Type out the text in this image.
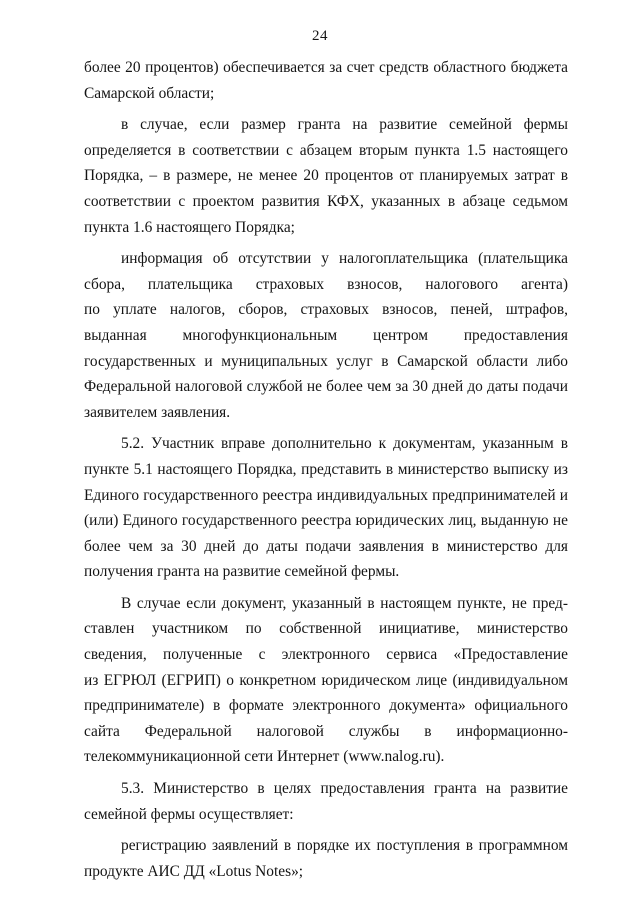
24
более 20 процентов) обеспечивается за счет средств областного бюджета
Самарской области;
в случае, если размер гранта на развитие семейной фермы
определяется в соответствии с абзацем вторым пункта 1.5 настоящего
Порядка, – в размере, не менее 20 процентов от планируемых затрат в
соответствии с проектом развития КФХ, указанных в абзаце седьмом
пункта 1.6 настоящего Порядка;
информация об отсутствии у налогоплательщика (плательщика
сбора, плательщика страховых взносов, налогового агента)
по уплате налогов, сборов, страховых взносов, пеней, штрафов,
выданная многофункциональным центром предоставления
государственных и муниципальных услуг в Самарской области либо
Федеральной налоговой службой не более чем за 30 дней до даты подачи
заявителем заявления.
5.2. Участник вправе дополнительно к документам, указанным в
пункте 5.1 настоящего Порядка, представить в министерство выписку из
Единого государственного реестра индивидуальных предпринимателей и
(или) Единого государственного реестра юридических лиц, выданную не
более чем за 30 дней до даты подачи заявления в министерство для
получения гранта на развитие семейной фермы.
В случае если документ, указанный в настоящем пункте, не пред-
ставлен участником по собственной инициативе, министерство
сведения, полученные с электронного сервиса «Предоставление
из ЕГРЮЛ (ЕГРИП) о конкретном юридическом лице (индивидуальном
предпринимателе) в формате электронного документа» официального
сайта Федеральной налоговой службы в информационно-
телекоммуникационной сети Интернет (www.nalog.ru).
5.3. Министерство в целях предоставления гранта на развитие
семейной фермы осуществляет:
регистрацию заявлений в порядке их поступления в программном
продукте АИС ДД «Lotus Notes»;
